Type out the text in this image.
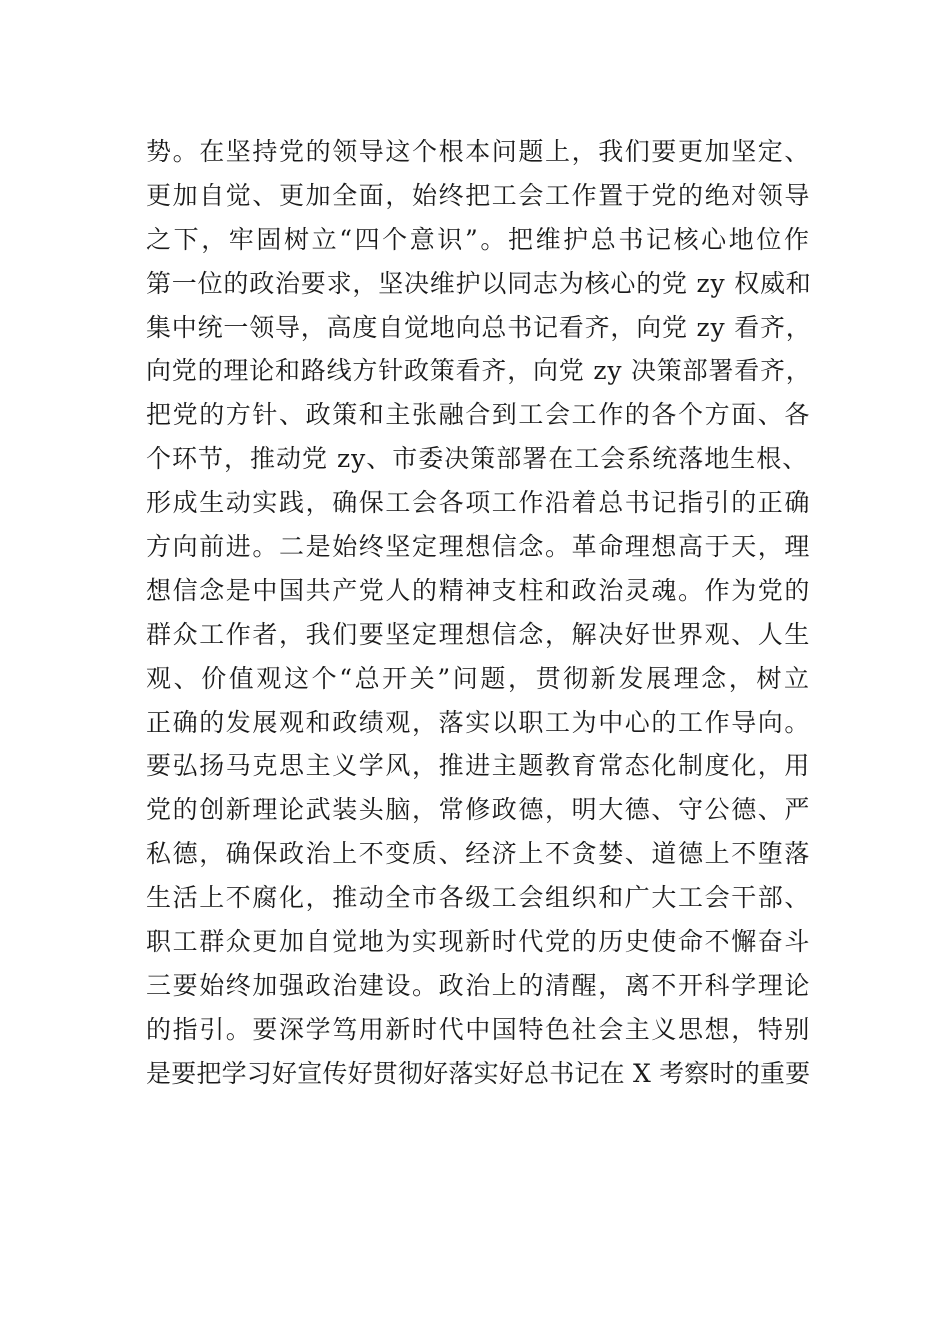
势。在坚持党的领导这个根本问题上，我们要更加坚定、
更加自觉、更加全面，始终把工会工作置于党的绝对领导
之下，牢固树立“四个意识”。把维护总书记核心地位作
第一位的政治要求，坚决维护以同志为核心的党 zy 权威和
集中统一领导，高度自觉地向总书记看齐，向党 zy 看齐，
向党的理论和路线方针政策看齐，向党 zy 决策部署看齐，
把党的方针、政策和主张融合到工会工作的各个方面、各
个环节，推动党 zy、市委决策部署在工会系统落地生根、
形成生动实践，确保工会各项工作沿着总书记指引的正确
方向前进。二是始终坚定理想信念。革命理想高于天，理
想信念是中国共产党人的精神支柱和政治灵魂。作为党的
群众工作者，我们要坚定理想信念，解决好世界观、人生
观、价值观这个“总开关”问题，贯彻新发展理念，树立
正确的发展观和政绩观，落实以职工为中心的工作导向。
要弘扬马克思主义学风，推进主题教育常态化制度化，用
党的创新理论武装头脑，常修政德，明大德、守公德、严
私德，确保政治上不变质、经济上不贪婪、道德上不堕落
生活上不腐化，推动全市各级工会组织和广大工会干部、
职工群众更加自觉地为实现新时代党的历史使命不懈奋斗
三要始终加强政治建设。政治上的清醒，离不开科学理论
的指引。要深学笃用新时代中国特色社会主义思想，特别
是要把学习好宣传好贯彻好落实好总书记在 X 考察时的重要
